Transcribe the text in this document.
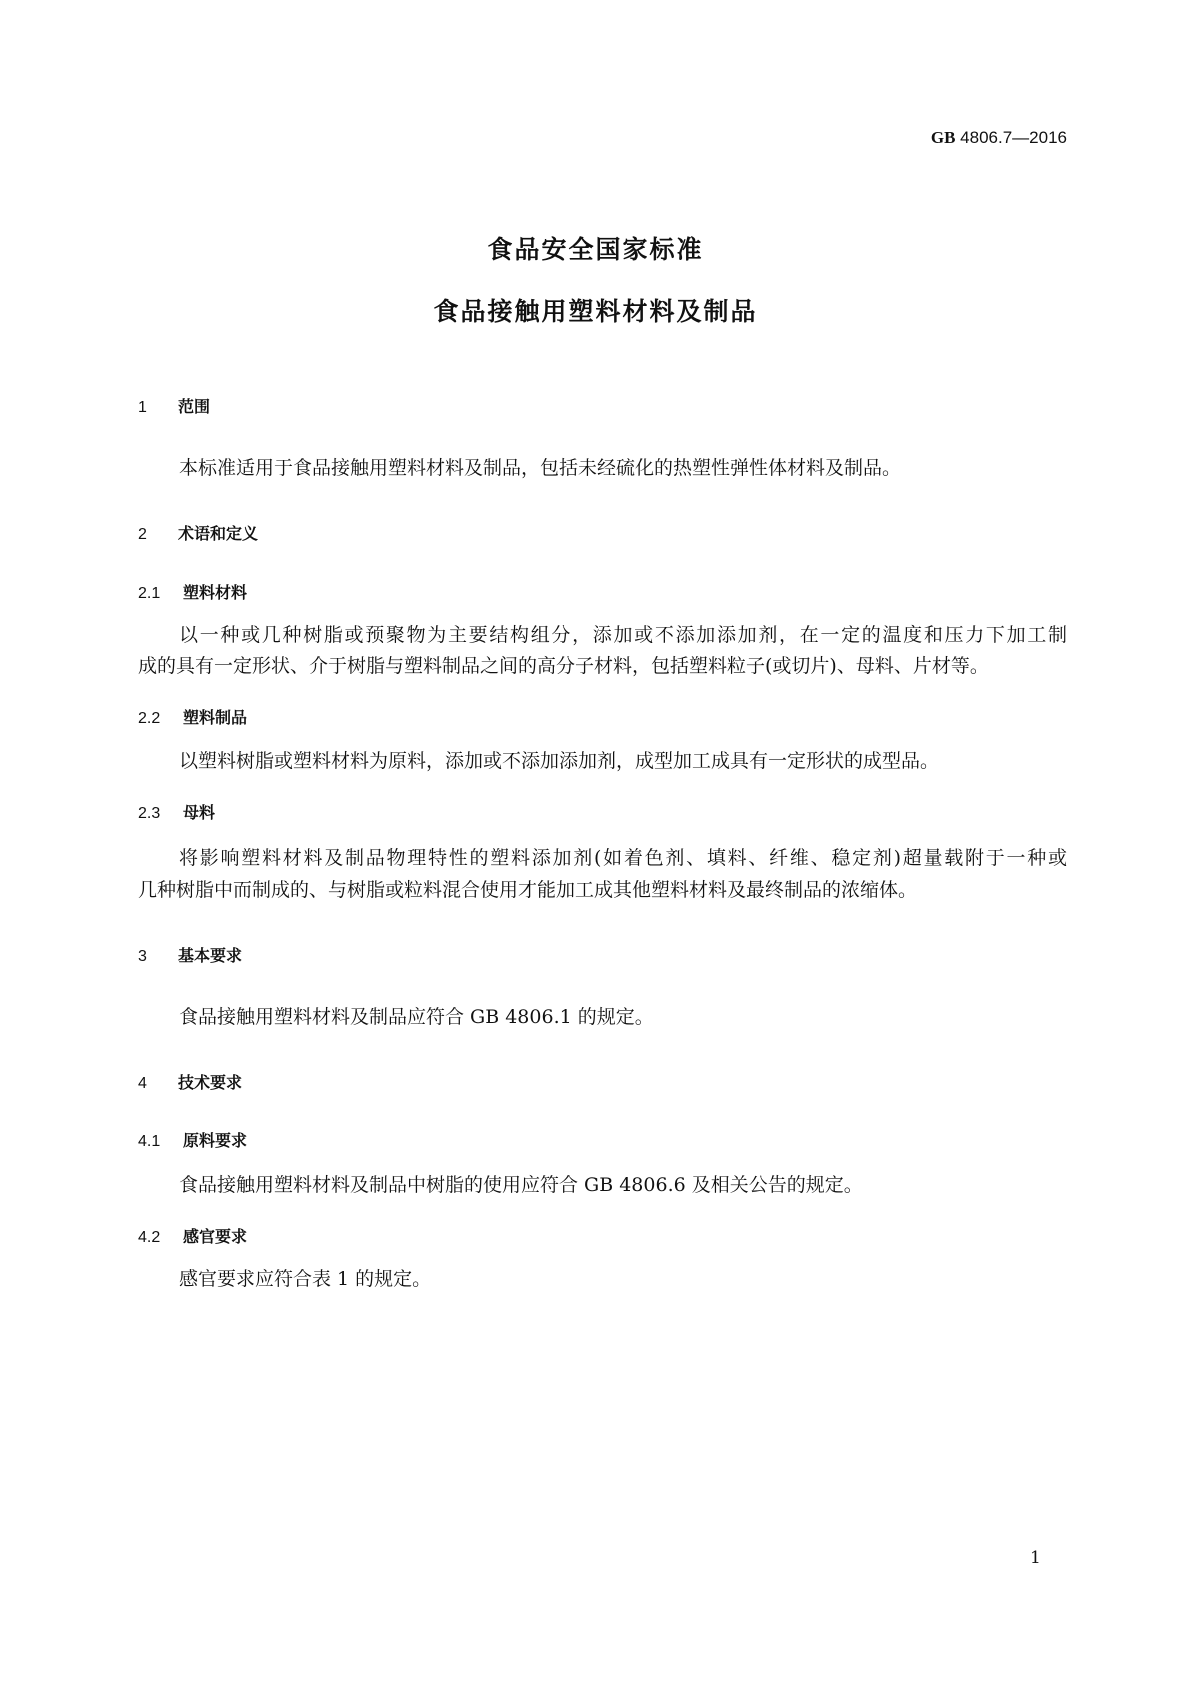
GB 4806.7—2016
食品安全国家标准
食品接触用塑料材料及制品
1 范围
本标准适用于食品接触用塑料材料及制品，包括未经硫化的热塑性弹性体材料及制品。
2 术语和定义
2.1 塑料材料
以一种或几种树脂或预聚物为主要结构组分，添加或不添加添加剂，在一定的温度和压力下加工制
成的具有一定形状、介于树脂与塑料制品之间的高分子材料，包括塑料粒子(或切片)、母料、片材等。
2.2 塑料制品
以塑料树脂或塑料材料为原料，添加或不添加添加剂，成型加工成具有一定形状的成型品。
2.3 母料
将影响塑料材料及制品物理特性的塑料添加剂(如着色剂、填料、纤维、稳定剂)超量载附于一种或
几种树脂中而制成的、与树脂或粒料混合使用才能加工成其他塑料材料及最终制品的浓缩体。
3 基本要求
食品接触用塑料材料及制品应符合 GB 4806.1 的规定。
4 技术要求
4.1 原料要求
食品接触用塑料材料及制品中树脂的使用应符合 GB 4806.6 及相关公告的规定。
4.2 感官要求
感官要求应符合表 1 的规定。
1
